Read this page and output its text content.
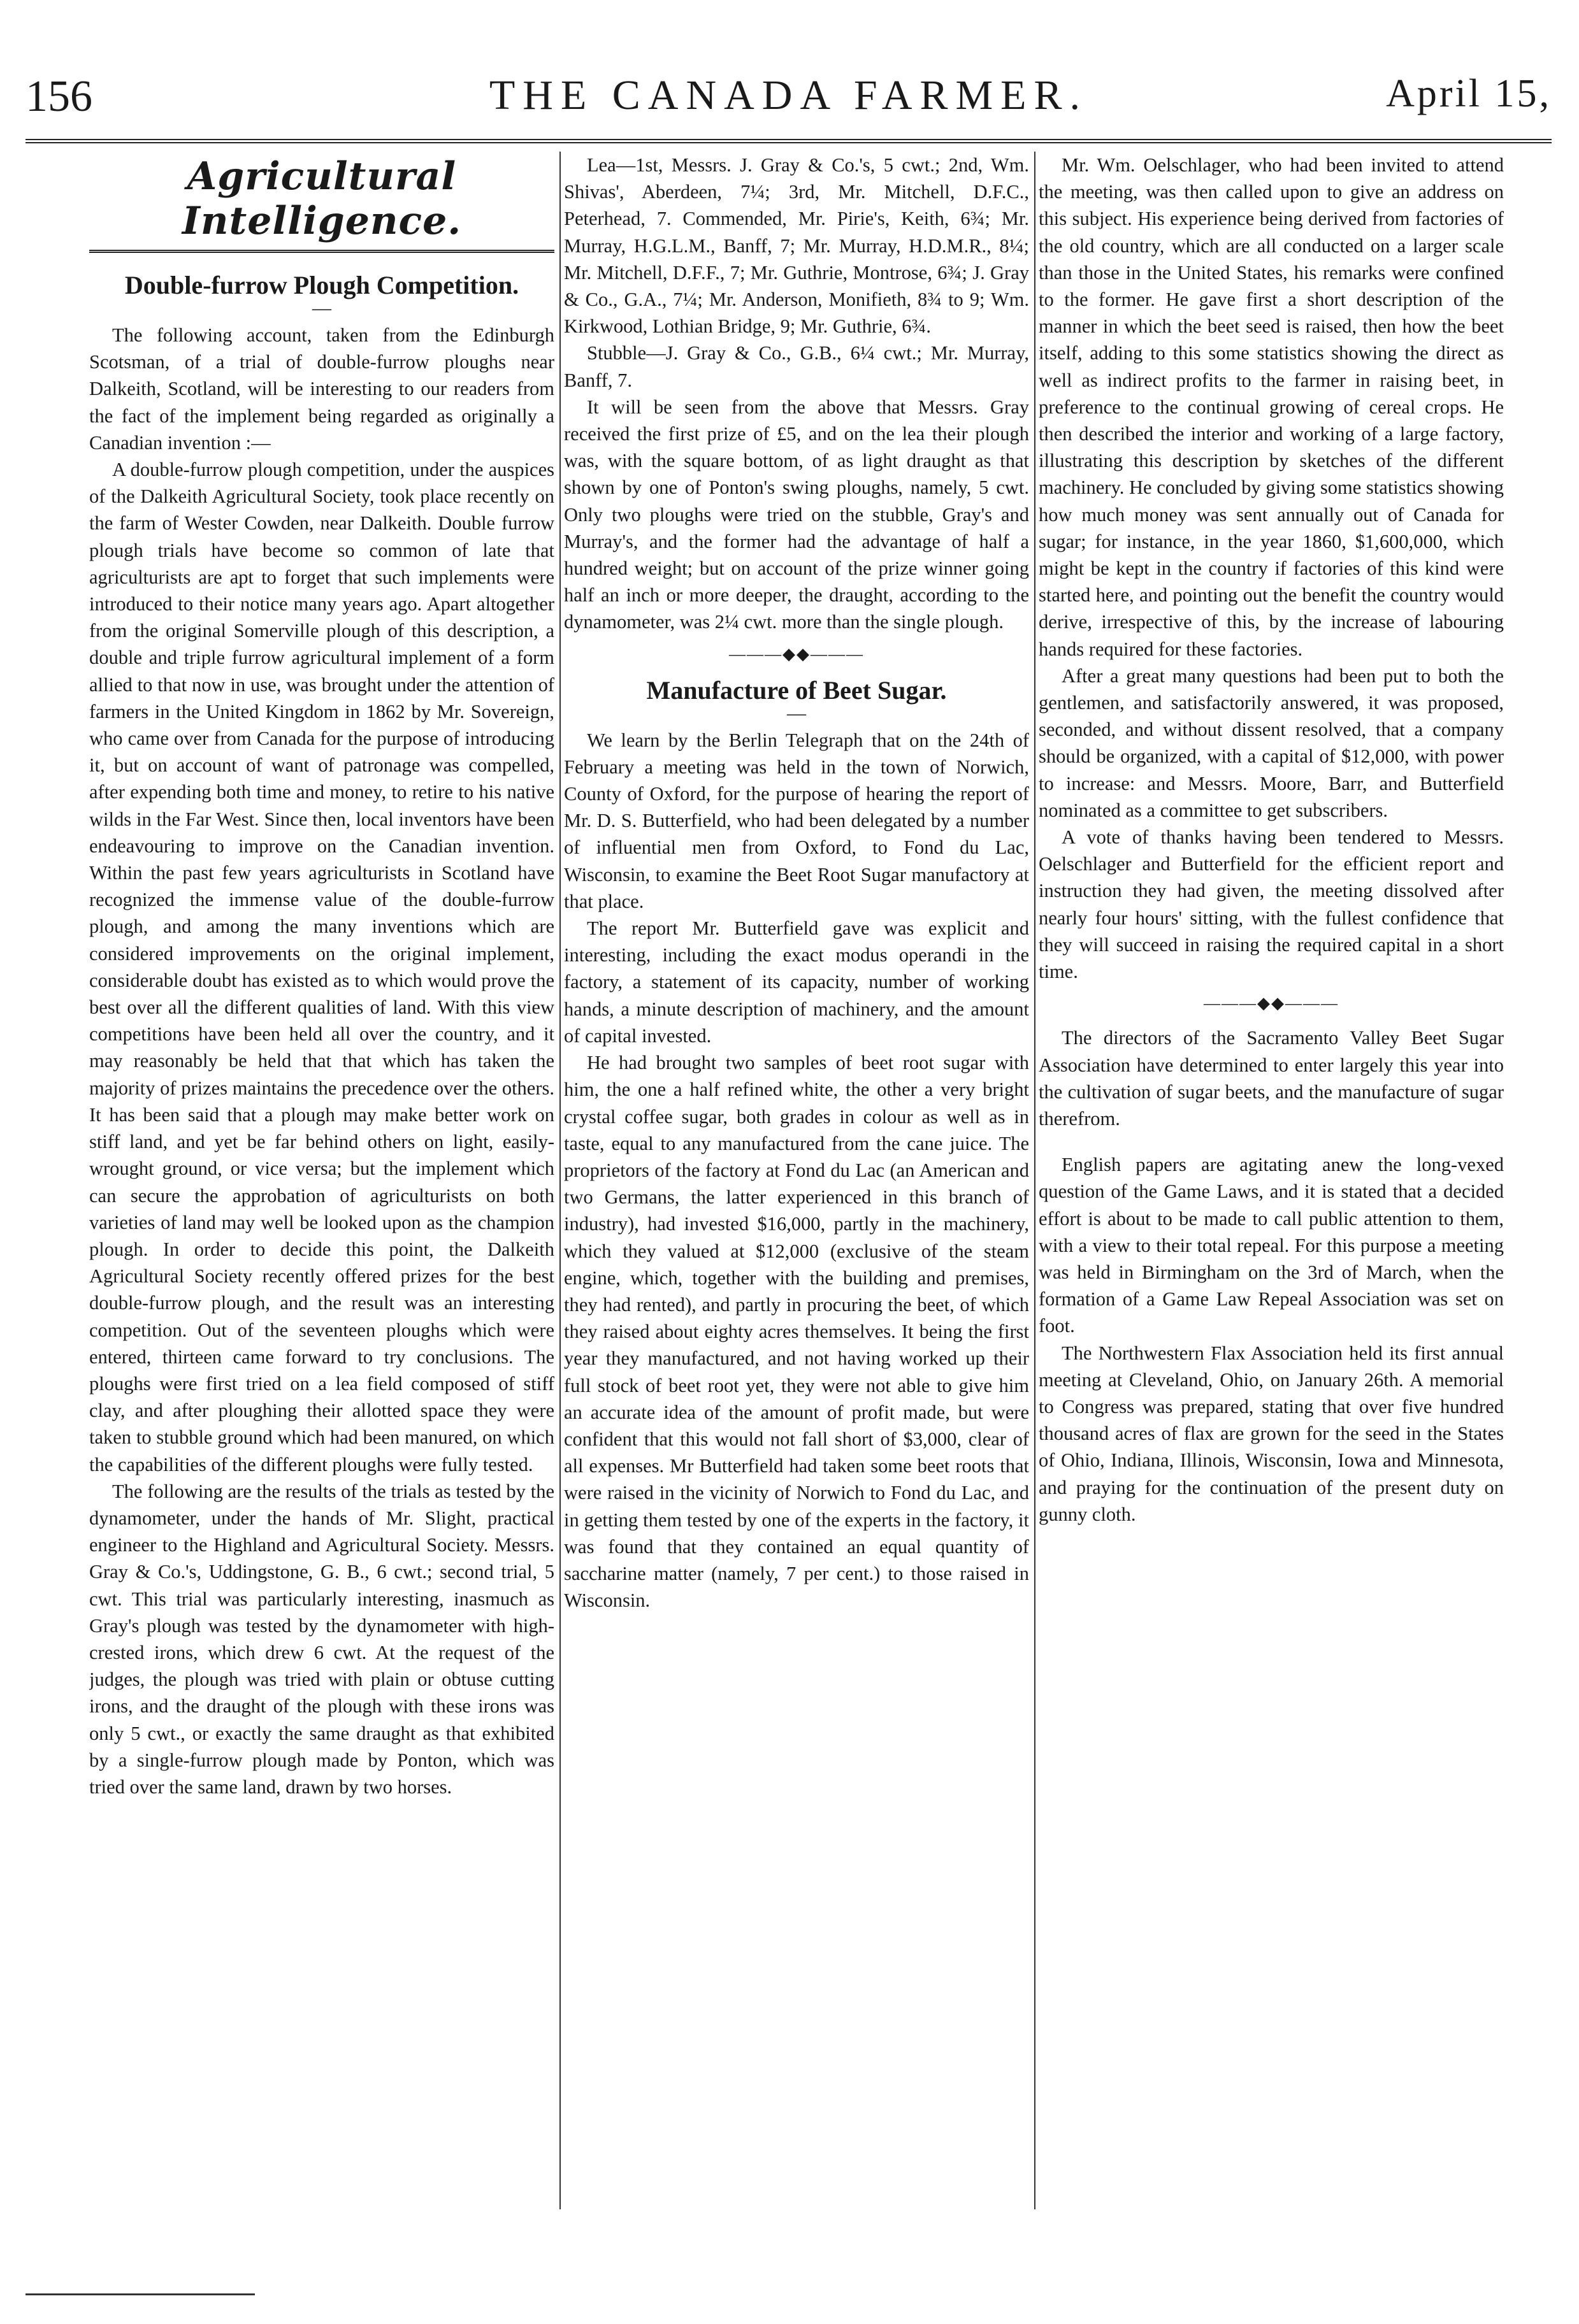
THE CANADA FARMER.
156	April 15,
Agricultural Intelligence.
Double-furrow Plough Competition.
—

The following account, taken from the Edinburgh Scotsman, of a trial of double-furrow ploughs near Dalkeith, Scotland, will be interesting to our readers from the fact of the implement being regarded as originally a Canadian invention :—

A double-furrow plough competition, under the auspices of the Dalkeith Agricultural Society, took place recently on the farm of Wester Cowden, near Dalkeith. Double furrow plough trials have become so common of late that agriculturists are apt to forget that such implements were introduced to their notice many years ago. Apart altogether from the original Somerville plough of this description, a double and triple furrow agricultural implement of a form allied to that now in use, was brought under the attention of farmers in the United Kingdom in 1862 by Mr. Sovereign, who came over from Canada for the purpose of introducing it, but on account of want of patronage was compelled, after expending both time and money, to retire to his native wilds in the Far West. Since then, local inventors have been endeavouring to improve on the Canadian invention. Within the past few years agriculturists in Scotland have recognized the immense value of the double-furrow plough, and among the many inventions which are considered improvements on the original implement, considerable doubt has existed as to which would prove the best over all the different qualities of land. With this view competitions have been held all over the country, and it may reasonably be held that that which has taken the majority of prizes maintains the precedence over the others. It has been said that a plough may make better work on stiff land, and yet be far behind others on light, easily-wrought ground, or vice versa; but the implement which can secure the approbation of agriculturists on both varieties of land may well be looked upon as the champion plough. In order to decide this point, the Dalkeith Agricultural Society recently offered prizes for the best double-furrow plough, and the result was an interesting competition. Out of the seventeen ploughs which were entered, thirteen came forward to try conclusions. The ploughs were first tried on a lea field composed of stiff clay, and after ploughing their allotted space they were taken to stubble ground which had been manured, on which the capabilities of the different ploughs were fully tested.

The following are the results of the trials as tested by the dynamometer, under the hands of Mr. Slight, practical engineer to the Highland and Agricultural Society. Messrs. Gray & Co.'s, Uddingstone, G. B., 6 cwt.; second trial, 5 cwt. This trial was particularly interesting, inasmuch as Gray's plough was tested by the dynamometer with high-crested irons, which drew 6 cwt. At the request of the judges, the plough was tried with plain or obtuse cutting irons, and the draught of the plough with these irons was only 5 cwt., or exactly the same draught as that exhibited by a single-furrow plough made by Ponton, which was tried over the same land, drawn by two horses.

Lea—1st, Messrs. J. Gray & Co.'s, 5 cwt.; 2nd, Wm. Shivas', Aberdeen, 7¼; 3rd, Mr. Mitchell, D.F.C., Peterhead, 7. Commended, Mr. Pirie's, Keith, 6¾; Mr. Murray, H.G.L.M., Banff, 7; Mr. Murray, H.D.M.R., 8¼; Mr. Mitchell, D.F.F., 7; Mr. Guthrie, Montrose, 6¾; J. Gray & Co., G.A., 7¼; Mr. Anderson, Monifieth, 8¾ to 9; Wm. Kirkwood, Lothian Bridge, 9; Mr. Guthrie, 6¾.

Stubble—J. Gray & Co., G.B., 6¼ cwt.; Mr. Murray, Banff, 7.

It will be seen from the above that Messrs. Gray received the first prize of £5, and on the lea their plough was, with the square bottom, of as light draught as that shown by one of Ponton's swing ploughs, namely, 5 cwt. Only two ploughs were tried on the stubble, Gray's and Murray's, and the former had the advantage of half a hundred weight; but on account of the prize winner going half an inch or more deeper, the draught, according to the dynamometer, was 2¼ cwt. more than the single plough.

———◆◆———
Manufacture of Beet Sugar.
—

We learn by the Berlin Telegraph that on the 24th of February a meeting was held in the town of Norwich, County of Oxford, for the purpose of hearing the report of Mr. D. S. Butterfield, who had been delegated by a number of influential men from Oxford, to Fond du Lac, Wisconsin, to examine the Beet Root Sugar manufactory at that place.

The report Mr. Butterfield gave was explicit and interesting, including the exact modus operandi in the factory, a statement of its capacity, number of working hands, a minute description of machinery, and the amount of capital invested.

He had brought two samples of beet root sugar with him, the one a half refined white, the other a very bright crystal coffee sugar, both grades in colour as well as in taste, equal to any manufactured from the cane juice. The proprietors of the factory at Fond du Lac (an American and two Germans, the latter experienced in this branch of industry), had invested $16,000, partly in the machinery, which they valued at $12,000 (exclusive of the steam engine, which, together with the building and premises, they had rented), and partly in procuring the beet, of which they raised about eighty acres themselves. It being the first year they manufactured, and not having worked up their full stock of beet root yet, they were not able to give him an accurate idea of the amount of profit made, but were confident that this would not fall short of $3,000, clear of all expenses. Mr Butterfield had taken some beet roots that were raised in the vicinity of Norwich to Fond du Lac, and in getting them tested by one of the experts in the factory, it was found that they contained an equal quantity of saccharine matter (namely, 7 per cent.) to those raised in Wisconsin.

Mr. Wm. Oelschlager, who had been invited to attend the meeting, was then called upon to give an address on this subject. His experience being derived from factories of the old country, which are all conducted on a larger scale than those in the United States, his remarks were confined to the former. He gave first a short description of the manner in which the beet seed is raised, then how the beet itself, adding to this some statistics showing the direct as well as indirect profits to the farmer in raising beet, in preference to the continual growing of cereal crops. He then described the interior and working of a large factory, illustrating this description by sketches of the different machinery. He concluded by giving some statistics showing how much money was sent annually out of Canada for sugar; for instance, in the year 1860, $1,600,000, which might be kept in the country if factories of this kind were started here, and pointing out the benefit the country would derive, irrespective of this, by the increase of labouring hands required for these factories.

After a great many questions had been put to both the gentlemen, and satisfactorily answered, it was proposed, seconded, and without dissent resolved, that a company should be organized, with a capital of $12,000, with power to increase: and Messrs. Moore, Barr, and Butterfield nominated as a committee to get subscribers.

A vote of thanks having been tendered to Messrs. Oelschlager and Butterfield for the efficient report and instruction they had given, the meeting dissolved after nearly four hours' sitting, with the fullest confidence that they will succeed in raising the required capital in a short time.

———◆◆———

The directors of the Sacramento Valley Beet Sugar Association have determined to enter largely this year into the cultivation of sugar beets, and the manufacture of sugar therefrom.

English papers are agitating anew the long-vexed question of the Game Laws, and it is stated that a decided effort is about to be made to call public attention to them, with a view to their total repeal. For this purpose a meeting was held in Birmingham on the 3rd of March, when the formation of a Game Law Repeal Association was set on foot.

The Northwestern Flax Association held its first annual meeting at Cleveland, Ohio, on January 26th. A memorial to Congress was prepared, stating that over five hundred thousand acres of flax are grown for the seed in the States of Ohio, Indiana, Illinois, Wisconsin, Iowa and Minnesota, and praying for the continuation of the present duty on gunny cloth.
